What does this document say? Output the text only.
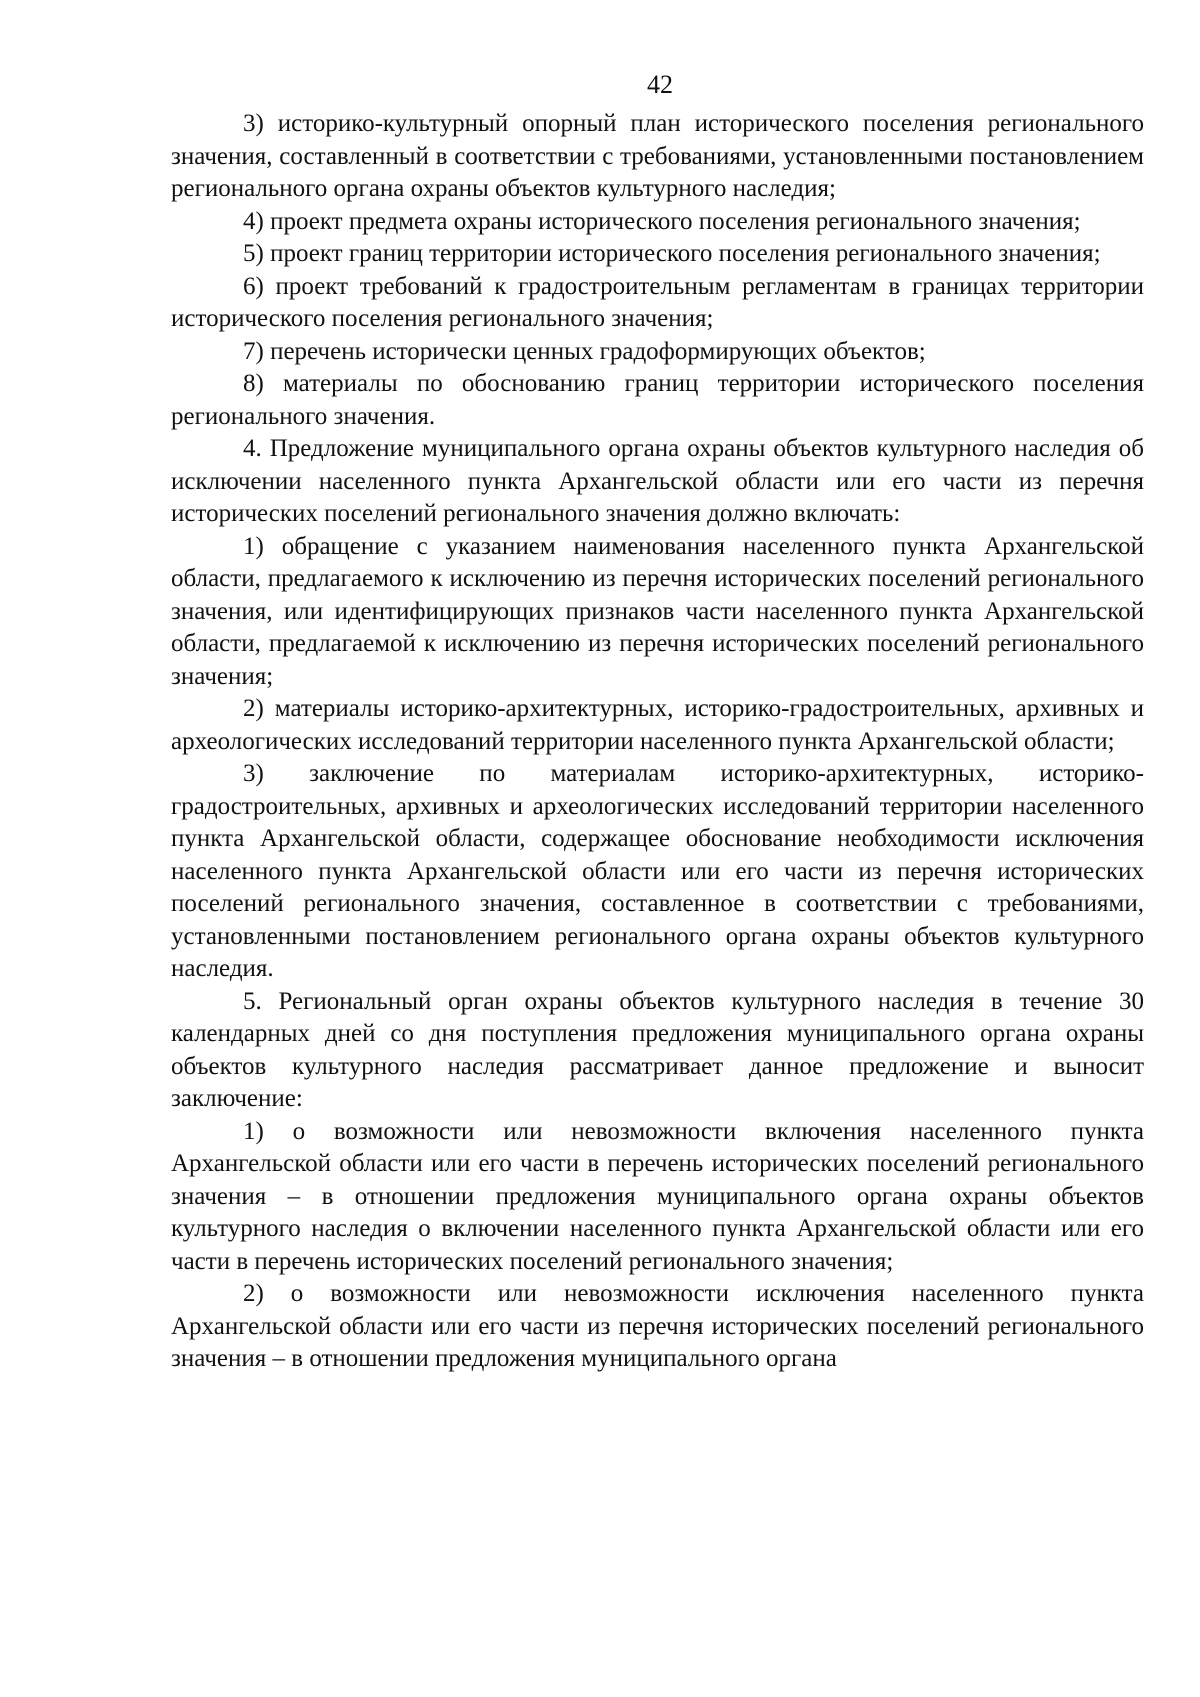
42

3) историко-культурный опорный план исторического поселения регионального значения, составленный в соответствии с требованиями, установленными постановлением регионального органа охраны объектов культурного наследия;

4) проект предмета охраны исторического поселения регионального значения;

5) проект границ территории исторического поселения регионального значения;

6) проект требований к градостроительным регламентам в границах территории исторического поселения регионального значения;

7) перечень исторически ценных градоформирующих объектов;

8) материалы по обоснованию границ территории исторического поселения регионального значения.

4. Предложение муниципального органа охраны объектов культурного наследия об исключении населенного пункта Архангельской области или его части из перечня исторических поселений регионального значения должно включать:

1) обращение с указанием наименования населенного пункта Архангельской области, предлагаемого к исключению из перечня исторических поселений регионального значения, или идентифицирующих признаков части населенного пункта Архангельской области, предлагаемой к исключению из перечня исторических поселений регионального значения;

2) материалы историко-архитектурных, историко-градостроительных, архивных и археологических исследований территории населенного пункта Архангельской области;

3) заключение по материалам историко-архитектурных, историко-градостроительных, архивных и археологических исследований территории населенного пункта Архангельской области, содержащее обоснование необходимости исключения населенного пункта Архангельской области или его части из перечня исторических поселений регионального значения, составленное в соответствии с требованиями, установленными постановлением регионального органа охраны объектов культурного наследия.

5. Региональный орган охраны объектов культурного наследия в течение 30 календарных дней со дня поступления предложения муниципального органа охраны объектов культурного наследия рассматривает данное предложение и выносит заключение:

1) о возможности или невозможности включения населенного пункта Архангельской области или его части в перечень исторических поселений регионального значения – в отношении предложения муниципального органа охраны объектов культурного наследия о включении населенного пункта Архангельской области или его части в перечень исторических поселений регионального значения;

2) о возможности или невозможности исключения населенного пункта Архангельской области или его части из перечня исторических поселений регионального значения – в отношении предложения муниципального органа
